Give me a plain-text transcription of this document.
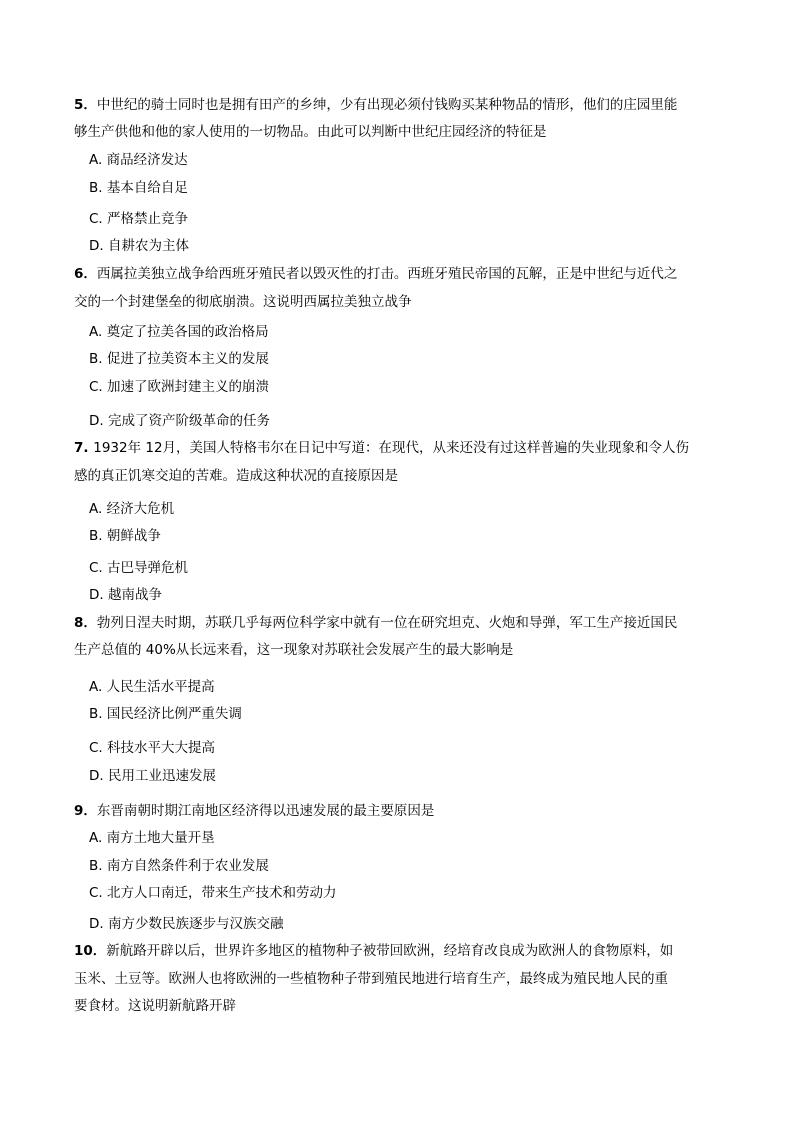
5．中世纪的骑士同时也是拥有田产的乡绅，少有出现必须付钱购买某种物品的情形，他们的庄园里能
够生产供他和他的家人使用的一切物品。由此可以判断中世纪庄园经济的特征是
A. 商品经济发达
B. 基本自给自足
C. 严格禁止竞争
D. 自耕农为主体
6．西属拉美独立战争给西班牙殖民者以毁灭性的打击。西班牙殖民帝国的瓦解，正是中世纪与近代之
交的一个封建堡垒的彻底崩溃。这说明西属拉美独立战争
A. 奠定了拉美各国的政治格局
B. 促进了拉美资本主义的发展
C. 加速了欧洲封建主义的崩溃
D. 完成了资产阶级革命的任务
7. 1932年 12月，美国人特格韦尔在日记中写道：在现代，从来还没有过这样普遍的失业现象和令人伤
感的真正饥寒交迫的苦难。造成这种状况的直接原因是
A. 经济大危机
B. 朝鲜战争
C. 古巴导弹危机
D. 越南战争
8．勃列日涅夫时期，苏联几乎每两位科学家中就有一位在研究坦克、火炮和导弹，军工生产接近国民
生产总值的 40%从长远来看，这一现象对苏联社会发展产生的最大影响是
A. 人民生活水平提高
B. 国民经济比例严重失调
C. 科技水平大大提高
D. 民用工业迅速发展
9．东晋南朝时期江南地区经济得以迅速发展的最主要原因是
A. 南方土地大量开垦
B. 南方自然条件利于农业发展
C. 北方人口南迁，带来生产技术和劳动力
D. 南方少数民族逐步与汉族交融
10．新航路开辟以后，世界许多地区的植物种子被带回欧洲，经培育改良成为欧洲人的食物原料，如
玉米、土豆等。欧洲人也将欧洲的一些植物种子带到殖民地进行培育生产，最终成为殖民地人民的重
要食材。这说明新航路开辟
